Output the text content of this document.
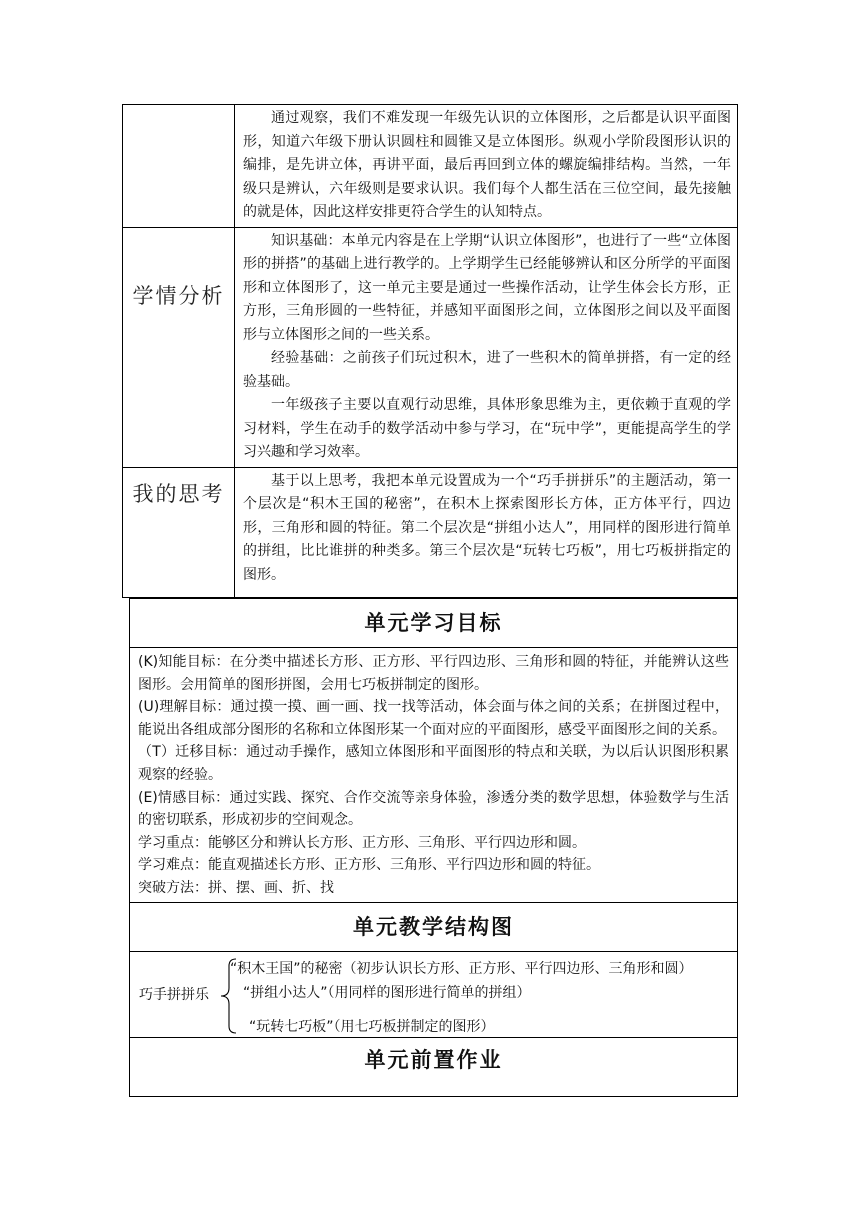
	通过观察，我们不难发现一年级先认识的立体图形，之后都是认识平面图形，知道六年级下册认识圆柱和圆锥又是立体图形。纵观小学阶段图形认识的编排，是先讲立体，再讲平面，最后再回到立体的螺旋编排结构。当然，一年级只是辨认，六年级则是要求认识。我们每个人都生活在三位空间，最先接触的就是体，因此这样安排更符合学生的认知特点。

学情分析	知识基础：本单元内容是在上学期“认识立体图形”，也进行了一些“立体图形的拼搭”的基础上进行教学的。上学期学生已经能够辨认和区分所学的平面图形和立体图形了，这一单元主要是通过一些操作活动，让学生体会长方形，正方形，三角形圆的一些特征，并感知平面图形之间，立体图形之间以及平面图形与立体图形之间的一些关系。

经验基础：之前孩子们玩过积木，进了一些积木的简单拼搭，有一定的经验基础。

一年级孩子主要以直观行动思维，具体形象思维为主，更依赖于直观的学习材料，学生在动手的数学活动中参与学习，在“玩中学”，更能提高学生的学习兴趣和学习效率。

我的思考	基于以上思考，我把本单元设置成为一个“巧手拼拼乐”的主题活动，第一个层次是“积木王国的秘密”，在积木上探索图形长方体，正方体平行，四边形，三角形和圆的特征。第二个层次是“拼组小达人”，用同样的图形进行简单的拼组，比比谁拼的种类多。第三个层次是“玩转七巧板”，用七巧板拼指定的图形。

单元学习目标

(K)知能目标：在分类中描述长方形、正方形、平行四边形、三角形和圆的特征，并能辨认这些图形。会用简单的图形拼图，会用七巧板拼制定的图形。

(U)理解目标：通过摸一摸、画一画、找一找等活动，体会面与体之间的关系；在拼图过程中，能说出各组成部分图形的名称和立体图形某一个面对应的平面图形，感受平面图形之间的关系。

（T）迁移目标：通过动手操作，感知立体图形和平面图形的特点和关联，为以后认识图形积累观察的经验。

(E)情感目标：通过实践、探究、合作交流等亲身体验，渗透分类的数学思想，体验数学与生活的密切联系，形成初步的空间观念。

学习重点：能够区分和辨认长方形、正方形、三角形、平行四边形和圆。

学习难点：能直观描述长方形、正方形、三角形、平行四边形和圆的特征。

突破方法：拼、摆、画、折、找

单元教学结构图
巧手拼拼乐
“积木王国”的秘密（初步认识长方形、正方形、平行四边形、三角形和圆）
“拼组小达人”（用同样的图形进行简单的拼组）
“玩转七巧板”（用七巧板拼制定的图形）
单元前置作业
